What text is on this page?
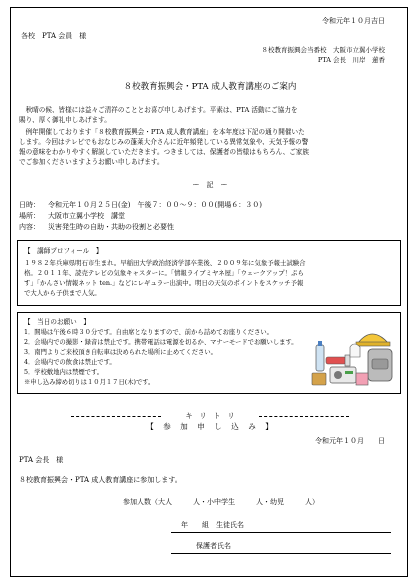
令和元年１０月吉日
各校　PTA 会員　様
８校教育振興会当番校　大阪市立翼小学校
PTA 会長　川岸　蓮香
８校教育振興会・PTA 成人教育講座のご案内
　秋晴の候、皆様には益々ご清祥のこととお喜び申しあげます。平素は、PTA 活動にご協力を
賜り、厚く御礼申しあげます。
　例年開催しております「８校教育振興会・PTA 成人教育講座」を本年度は下記の通り開催いた
します。今回はテレビでもおなじみの蓬莱大介さんに近年頻発している異常気象や、天気予報の警
報の意味をわかりやすく解説していただきます。つきましては、保護者の皆様はもちろん、ご家族
でご参加くださいますようお願い申しあげます。
ー　記　ー
日時： 令和元年１０月２５日(金)　午後７：００～９：００(開場６：３０)
場所： 大阪市立翼小学校　講堂
内容： 災害発生時の自助・共助の役割と必要性
【　講師プロフィール　】
１９８２年兵庫県明石市生まれ。早稲田大学政治経済学部卒業後、２００９年に気象予報士試験合
格。２０１１年、読売テレビの気象キャスターに。「情報ライブミヤネ屋」「ウェークアップ！ぷら
す」「かんさい情報ネット ten.」などにレギュラー出演中。明日の天気のポイントをスケッチ予報
で大人から子供まで人気。
【　当日のお願い　】
1．開場は午後６時３０分です。自由席となりますので、前から詰めてお座りください。
2．会場内での撮影・録音は禁止です。携帯電話は電源を切るか、マナーモードでお願いします。
3．南門よりご来校頂き自転車は決められた場所に止めてください。
4．会場内での飲食は禁止です。
5．学校敷地内は禁煙です。
※申し込み締め切りは１０月１７日(木)です。
キ　リ　ト　リ
【　参　加　申　し　込　み　】
令和元年１０月　　日
PTA 会長　様
８校教育振興会・PTA 成人教育講座に参加します。
参加人数（大人　　　人・小中学生　　　人・幼児　　　人）
年　　組　生徒氏名
保護者氏名
